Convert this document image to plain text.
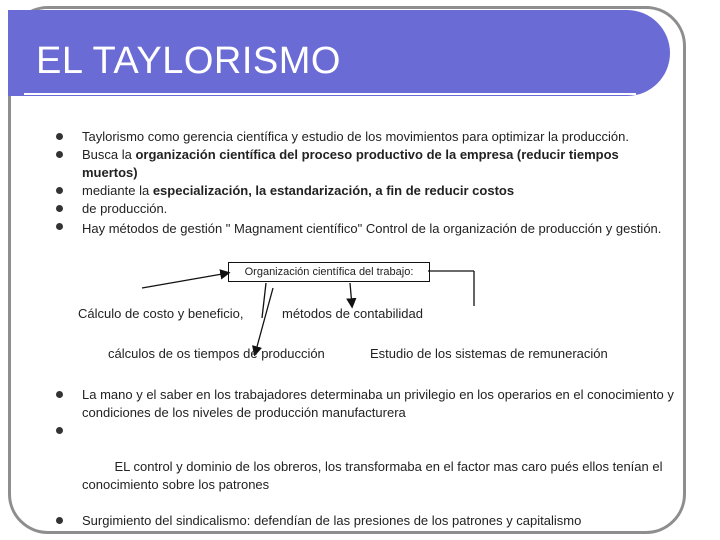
EL TAYLORISMO
Taylorismo como gerencia científica y estudio de los movimientos para optimizar la producción.
Busca la organización científica del proceso productivo de la empresa (reducir tiempos muertos)
mediante la especialización, la estandarización, a fin de reducir costos
de producción.
Hay métodos de gestión " Magnament científico" Control de la organización de producción y gestión.
Organización científica del trabajo:
Cálculo de costo y beneficio,	métodos de contabilidad
cálculos de os tiempos de producción	Estudio de los sistemas de remuneración
La mano y el saber en los trabajadores determinaba un privilegio en los operarios en el conocimiento y condiciones de los niveles de producción manufacturera

EL control y dominio de los obreros, los transformaba en el factor mas caro pués ellos tenían el conocimiento sobre los patrones

Surgimiento del sindicalismo: defendían de las presiones de los patrones y capitalismo
